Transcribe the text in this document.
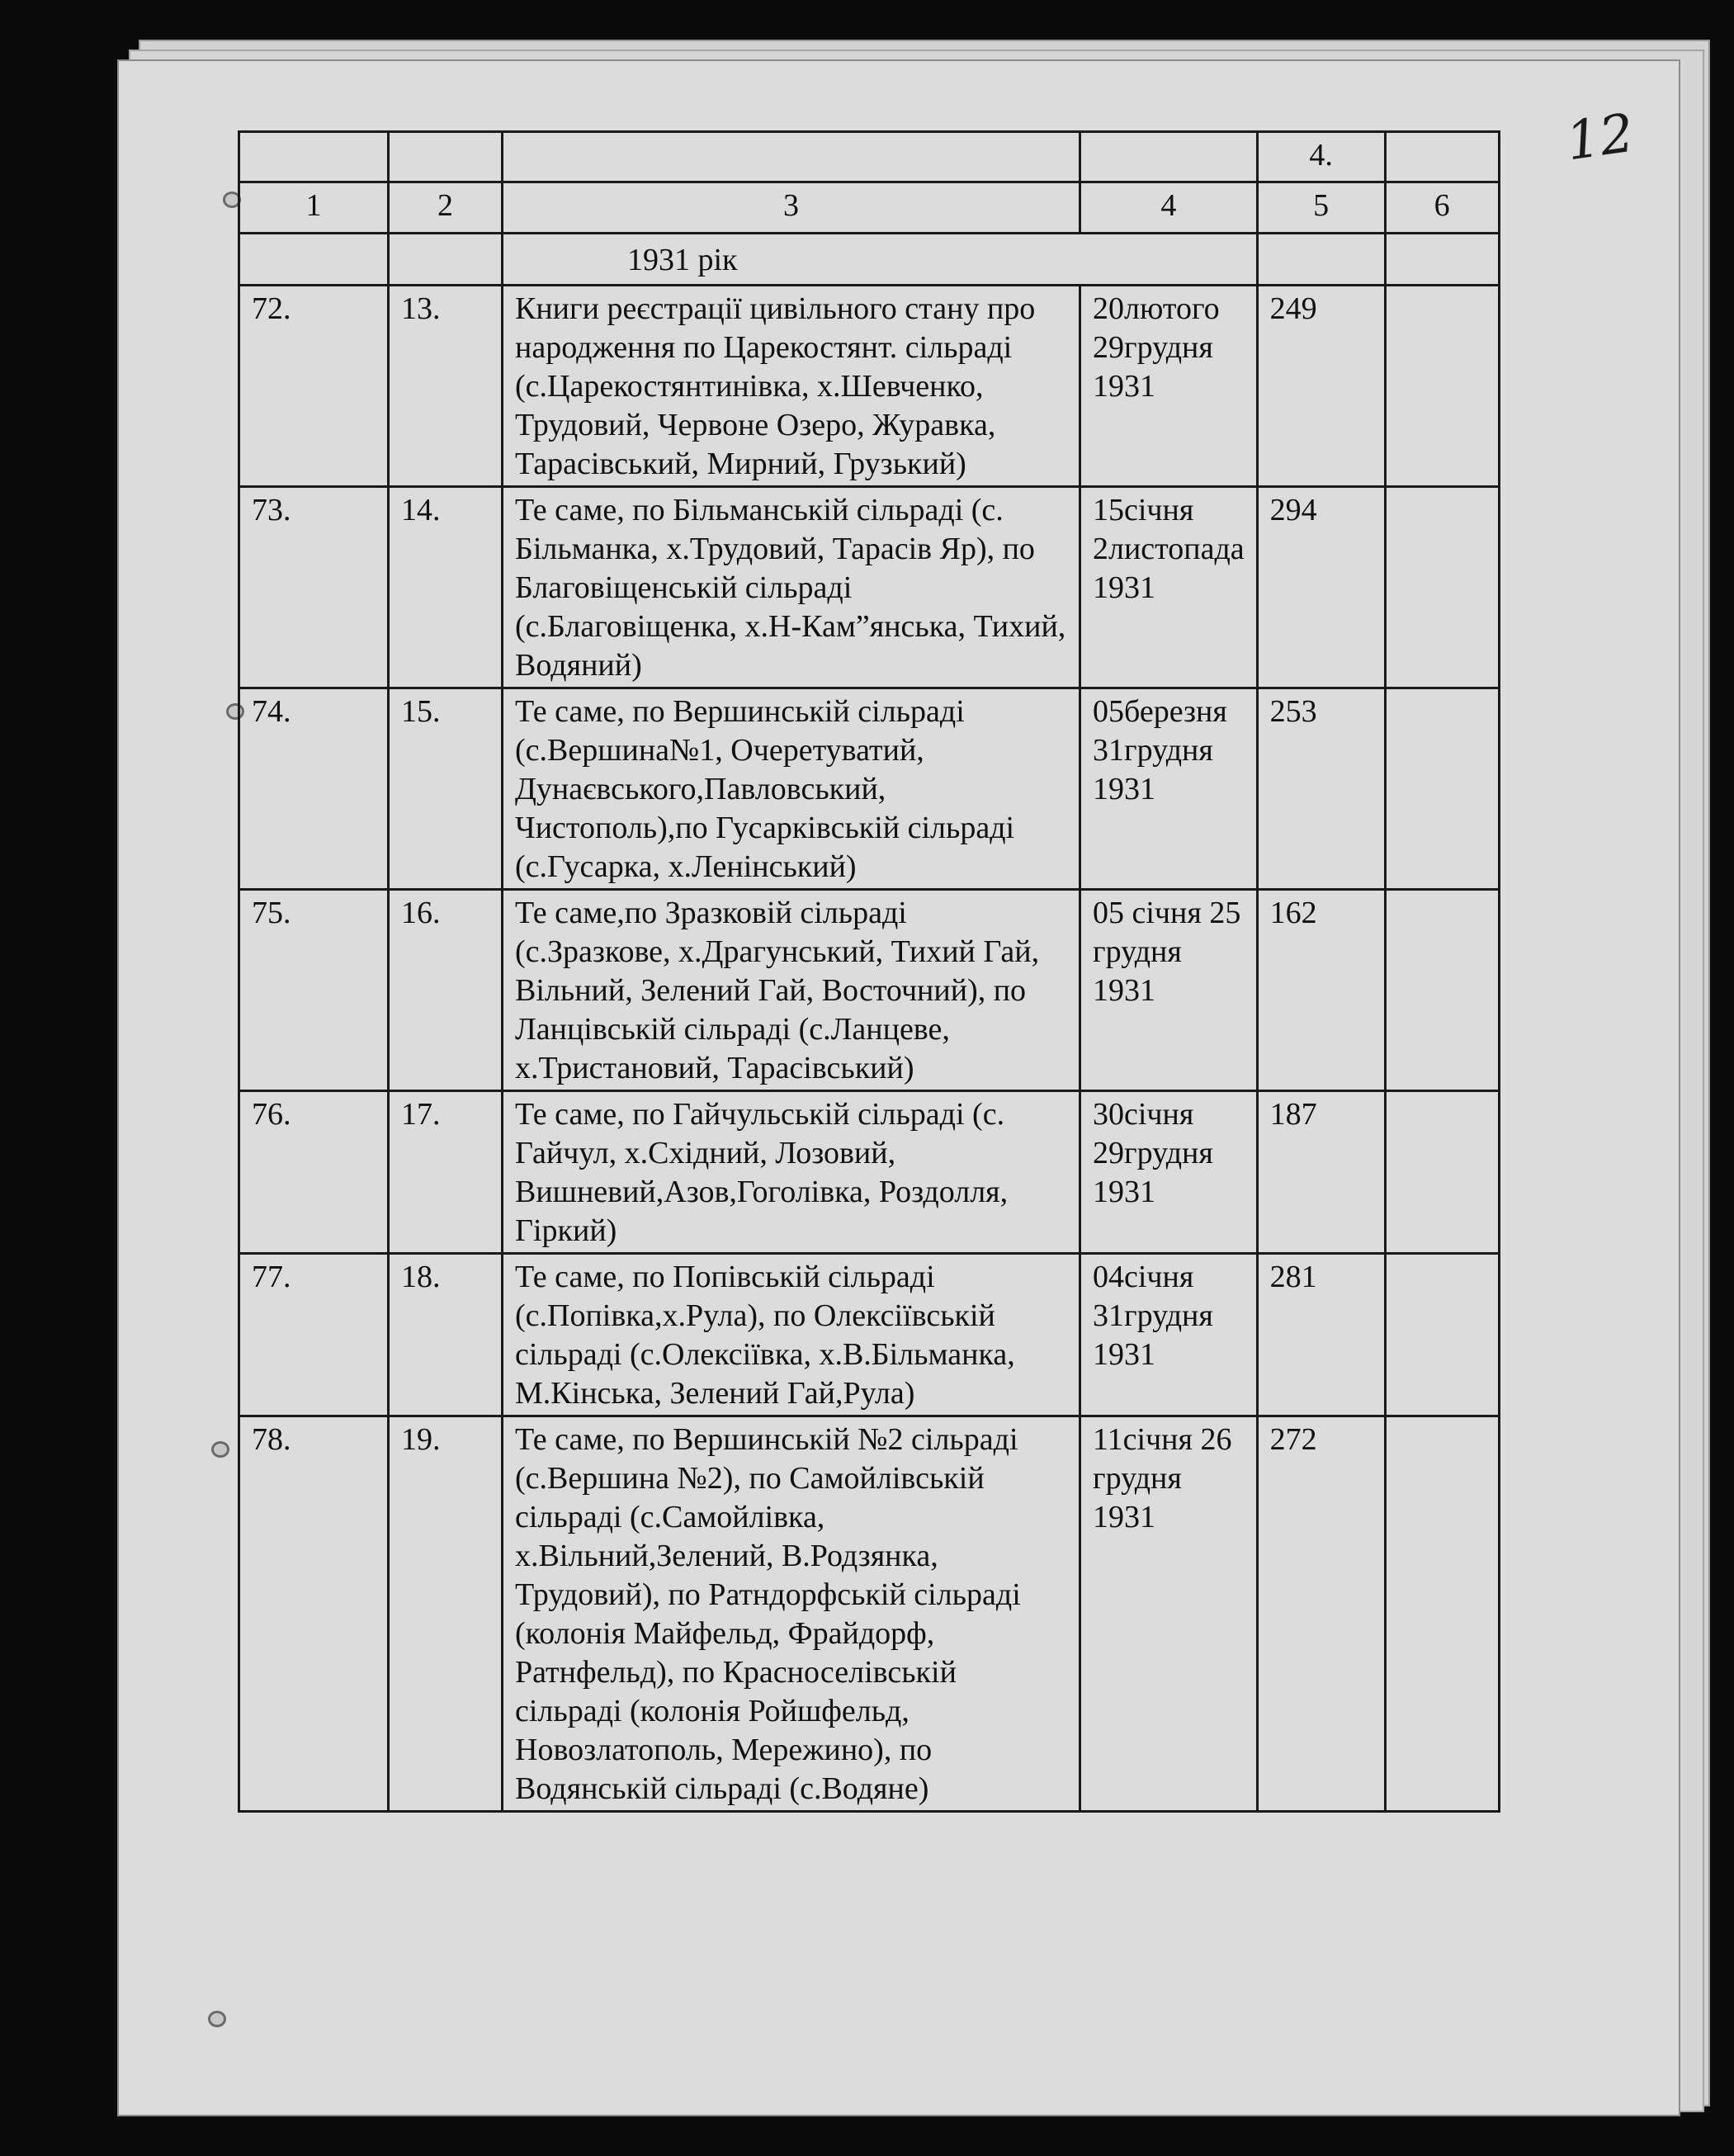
12
				4.	
1	2	3	4	5	6
		1931 рік			
72.	13.	Книги реєстрації цивільного стану про народження по Царекостянт. сільраді (с.Царекостянтинівка, х.Шевченко, Трудовий, Червоне Озеро, Журавка, Тарасівський, Мирний, Грузький)	20лютого 29грудня 1931	249	
73.	14.	Те саме, по Більманській сільраді (с. Більманка, х.Трудовий, Тарасів Яр), по Благовіщенській сільраді (с.Благовіщенка, х.Н-Кам”янська, Тихий, Водяний)	15січня 2листопада 1931	294	
74.	15.	Те саме, по Вершинській сільраді (с.Вершина№1, Очеретуватий, Дунаєвського,Павловський, Чистополь),по Гусарківській сільраді (с.Гусарка, х.Ленінський)	05березня 31грудня 1931	253	
75.	16.	Те саме,по Зразковій сільраді (с.Зразкове, х.Драгунський, Тихий Гай, Вільний, Зелений Гай, Восточний), по Ланцівській сільраді (с.Ланцеве, х.Тристановий, Тарасівський)	05 січня 25 грудня 1931	162	
76.	17.	Те саме, по Гайчульській сільраді (с. Гайчул, х.Східний, Лозовий, Вишневий,Азов,Гоголівка, Роздолля, Гіркий)	30січня 29грудня 1931	187	
77.	18.	Те саме, по Попівській сільраді (с.Попівка,х.Рула), по Олексіївській сільраді (с.Олексіївка, х.В.Більманка, М.Кінська, Зелений Гай,Рула)	04січня 31грудня 1931	281	
78.	19.	Те саме, по Вершинській №2 сільраді (с.Вершина №2), по Самойлівській сільраді (с.Самойлівка, х.Вільний,Зелений, В.Родзянка, Трудовий), по Ратндорфській сільраді (колонія Майфельд, Фрайдорф, Ратнфельд), по Красноселівській сільраді (колонія Ройшфельд, Новозлатополь, Мережино), по Водянській сільраді (с.Водяне)	11січня 26 грудня 1931	272	
